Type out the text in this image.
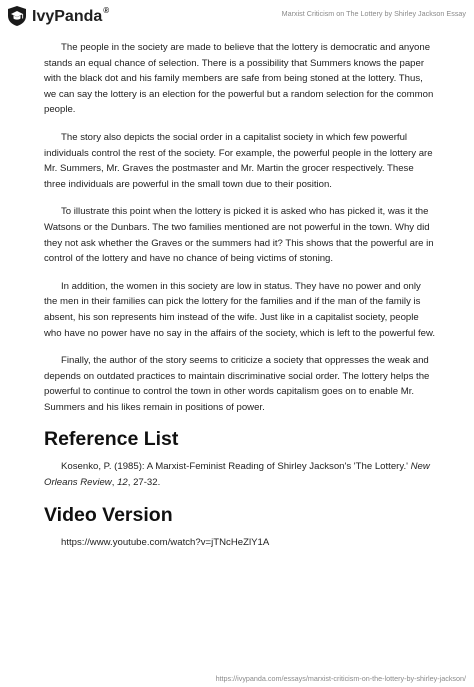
IvyPanda®	Marxist Criticism on The Lottery by Shirley Jackson Essay

The people in the society are made to believe that the lottery is democratic and anyone stands an equal chance of selection. There is a possibility that Summers knows the paper with the black dot and his family members are safe from being stoned at the lottery. Thus, we can say the lottery is an election for the powerful but a random selection for the common people.

The story also depicts the social order in a capitalist society in which few powerful individuals control the rest of the society. For example, the powerful people in the lottery are Mr. Summers, Mr. Graves the postmaster and Mr. Martin the grocer respectively. These three individuals are powerful in the small town due to their position.

To illustrate this point when the lottery is picked it is asked who has picked it, was it the Watsons or the Dunbars. The two families mentioned are not powerful in the town. Why did they not ask whether the Graves or the summers had it? This shows that the powerful are in control of the lottery and have no chance of being victims of stoning.

In addition, the women in this society are low in status. They have no power and only the men in their families can pick the lottery for the families and if the man of the family is absent, his son represents him instead of the wife. Just like in a capitalist society, people who have no power have no say in the affairs of the society, which is left to the powerful few.

Finally, the author of the story seems to criticize a society that oppresses the weak and depends on outdated practices to maintain discriminative social order. The lottery helps the powerful to continue to control the town in other words capitalism goes on to enable Mr. Summers and his likes remain in positions of power.

Reference List

Kosenko, P. (1985): A Marxist-Feminist Reading of Shirley Jackson's 'The Lottery.' New Orleans Review, 12, 27-32.

Video Version

https://www.youtube.com/watch?v=jTNcHeZlY1A

https://ivypanda.com/essays/marxist-criticism-on-the-lottery-by-shirley-jackson/
